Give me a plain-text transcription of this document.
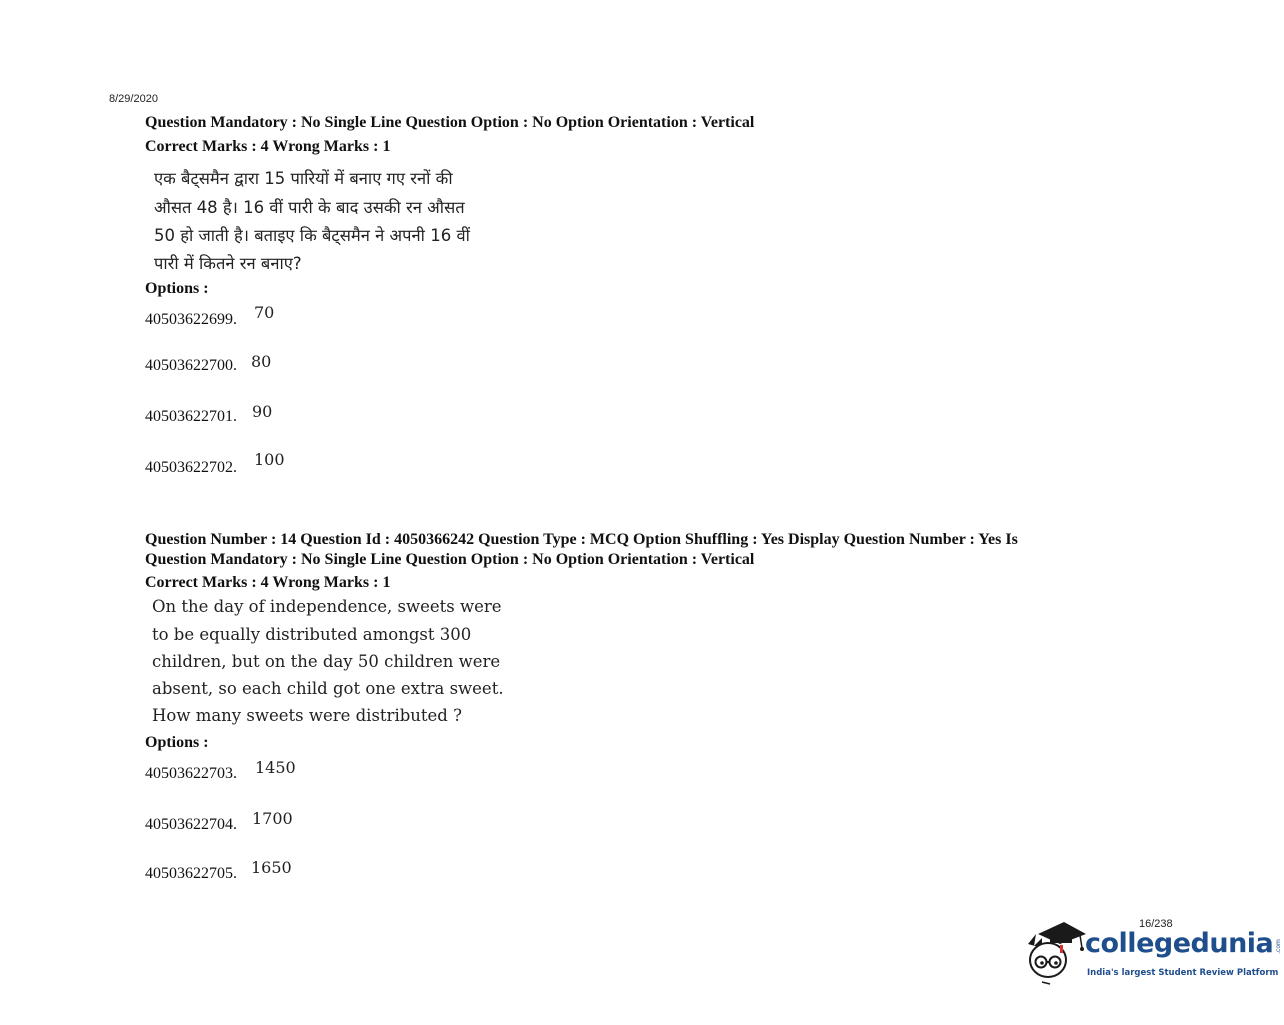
8/29/2020
Question Mandatory : No Single Line Question Option : No Option Orientation : Vertical
Correct Marks : 4 Wrong Marks : 1
एक बैट्समैन द्वारा 15 पारियों में बनाए गए रनों की
औसत 48 है। 16 वीं पारी के बाद उसकी रन औसत
50 हो जाती है। बताइए कि बैट्समैन ने अपनी 16 वीं
पारी में कितने रन बनाए?
Options :
40503622699. 70
40503622700. 80
40503622701. 90
40503622702. 100
Question Number : 14 Question Id : 4050366242 Question Type : MCQ Option Shuffling : Yes Display Question Number : Yes Is
Question Mandatory : No Single Line Question Option : No Option Orientation : Vertical
Correct Marks : 4 Wrong Marks : 1
On the day of independence, sweets were
to be equally distributed amongst 300
children, but on the day 50 children were
absent, so each child got one extra sweet.
How many sweets were distributed ?
Options :
40503622703. 1450
40503622704. 1700
40503622705. 1650
16/238
collegedunia .com
India's largest Student Review Platform
